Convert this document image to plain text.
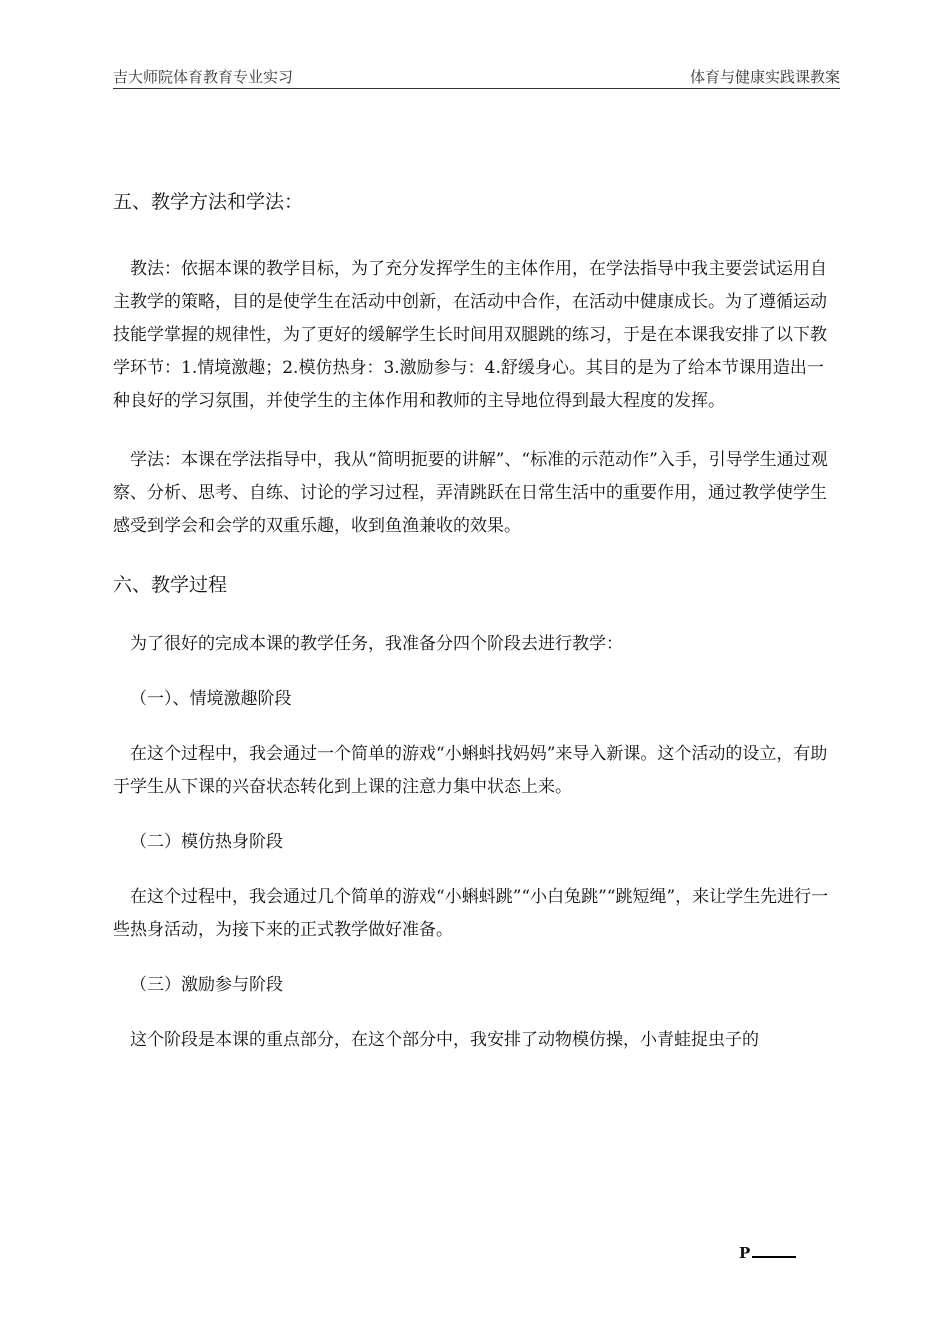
吉大师院体育教育专业实习	体育与健康实践课教案

五、教学方法和学法：

教法：依据本课的教学目标，为了充分发挥学生的主体作用，在学法指导中我主要尝试运用自主教学的策略，目的是使学生在活动中创新，在活动中合作，在活动中健康成长。为了遵循运动技能学掌握的规律性，为了更好的缓解学生长时间用双腿跳的练习，于是在本课我安排了以下教学环节：1.情境激趣；2.模仿热身：3.激励参与：4.舒缓身心。其目的是为了给本节课用造出一种良好的学习氛围，并使学生的主体作用和教师的主导地位得到最大程度的发挥。

学法：本课在学法指导中，我从“简明扼要的讲解”、“标准的示范动作”入手，引导学生通过观察、分析、思考、自练、讨论的学习过程，弄清跳跃在日常生活中的重要作用，通过教学使学生感受到学会和会学的双重乐趣，收到鱼渔兼收的效果。

六、教学过程

为了很好的完成本课的教学任务，我准备分四个阶段去进行教学：

（一）、情境激趣阶段

在这个过程中，我会通过一个简单的游戏“小蝌蚪找妈妈”来导入新课。这个活动的设立，有助于学生从下课的兴奋状态转化到上课的注意力集中状态上来。

（二）模仿热身阶段

在这个过程中，我会通过几个简单的游戏“小蝌蚪跳”“小白兔跳”“跳短绳”，来让学生先进行一些热身活动，为接下来的正式教学做好准备。

（三）激励参与阶段

这个阶段是本课的重点部分，在这个部分中，我安排了动物模仿操，小青蛙捉虫子的

P
